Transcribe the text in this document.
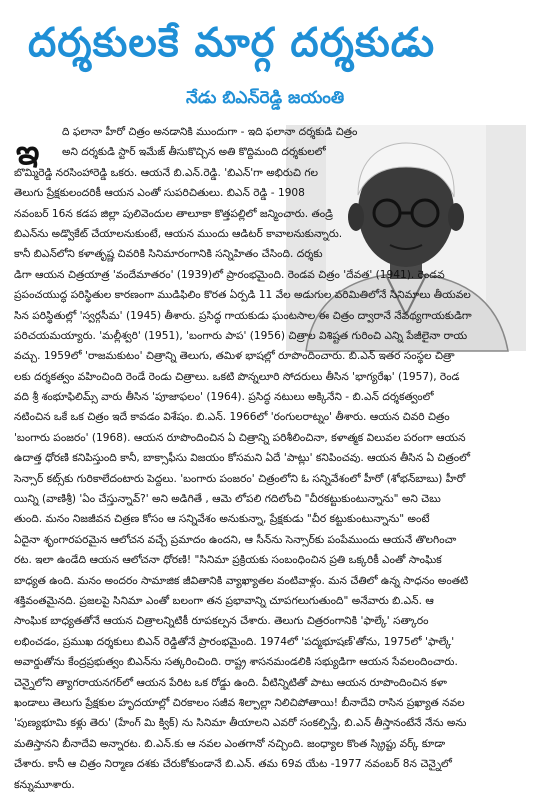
దర్శకులకే మార్గ దర్శకుడు
నేడు బిఎన్‌రెడ్డి జయంతి
ఇ
ది ఫలానా హీరో చిత్రం అనడానికి ముందుగా - ఇది ఫలానా దర్శకుడి చిత్రం
అని దర్శకుడి స్టార్ ఇమేజ్ తీసుకొచ్చిన అతి కొద్దిమంది దర్శకులలో
బొమ్మిరెడ్డి నరసింహారెడ్డి ఒకరు. ఆయనే బి.ఎన్.రెడ్డి. 'బిఎన్'గా అభిరుచి గల
తెలుగు ప్రేక్షకులందరికీ ఆయన ఎంతో సుపరిచితులు. బిఎన్ రెడ్డి - 1908
నవంబర్ 16న కడప జిల్లా పులివెందుల తాలూకా కొత్తపల్లిలో జన్మించారు. తండ్రి
బిఎన్‌ను అడ్వొకేట్ చేయాలనుకుంటే, ఆయన ముందు ఆడిటర్ కావాలనుకున్నారు.
కానీ బిఎన్‌లోని కళాతృష్ణ చివరికి సినిమారంగానికి సన్నిహితం చేసింది. దర్శకు
డిగా ఆయన చిత్రయాత్ర 'వందేమాతరం' (1939)లో ప్రారంభమైంది. రెండవ చిత్రం 'దేవత' (1941). రెండవ
ప్రపంచయుద్ధ పరిస్థితుల కారణంగా ముడిఫిలిం కొరత ఏర్పడి 11 వేల అడుగుల పరిమితిలోనే సినిమాలు తీయవల
సిన పరిస్థితుల్లో 'స్వర్గసీమ' (1945) తీశారు. ప్రసిద్ధ గాయకుడు ఘంటసాల ఈ చిత్రం ద్వారానే నేపథ్యగాయకుడిగా
పరిచయమయ్యారు. 'మల్లీశ్వరి' (1951), 'బంగారు పాప' (1956) చిత్రాల విశిష్టత గురించి ఎన్ని పేజీలైనా రాయ
వచ్చు. 1959లో 'రాజమకుటం' చిత్రాన్ని తెలుగు, తమిళ భాషల్లో రూపొందించారు. బి.ఎన్ ఇతర సంస్థల చిత్రా
లకు దర్శకత్వం వహించింది రెండే రెండు చిత్రాలు. ఒకటి పొన్నలూరి సోదరులు తీసిన 'భాగ్యరేఖ' (1957), రెండ
వది శ్రీ శంభూఫిలిమ్స్ వారు తీసిన 'పూజాఫలం' (1964). ప్రసిద్ధ నటులు అక్కినేని - బి.ఎన్ దర్శకత్వంలో
నటించిన ఒకే ఒక చిత్రం ఇదే కావడం విశేషం. బి.ఎన్. 1966లో 'రంగులరాట్నం' తీశారు. ఆయన చివరి చిత్రం
'బంగారు పంజరం' (1968). ఆయన రూపొందించిన ఏ చిత్రాన్ని పరిశీలించినా, కళాత్మక విలువల పరంగా ఆయన
ఉదాత్త ధోరణి కనిపిస్తుంది కానీ, బాక్సాఫీసు విజయం కోసమని ఏదే 'పాట్లు' కనిపించవు. ఆయన తీసిన ఏ చిత్రంలో
సెన్సార్ కట్స్‌కు గురికాలేదంటారు పెద్దలు. 'బంగారు పంజరం' చిత్రంలోని ఓ సన్నివేశంలో హీరో (శోభన్‌బాబు) హీరో
యిన్ని (వాణిశ్రీ) 'ఏం చేస్తున్నావ్?' అని అడిగితే , ఆమె లోపలి గదిలోంచి "చీరకట్టుకుంటున్నాను" అని చెబు
తుంది. మనం నిజజీవన చిత్రణ కోసం ఆ సన్నివేశం అనుకున్నా, ప్రేక్షకుడు "చీర కట్టుకుంటున్నాను" అంటే
ఏదైనా శృంగారపరమైన ఆలోచన వచ్చే ప్రమాదం ఉందని, ఆ సీన్‌ను సెన్సార్‌కు పంపేముందు ఆయనే తొలగించా
రట. ఇలా ఉండేది ఆయన ఆలోచనా ధోరణి! "సినిమా ప్రక్రియకు సంబంధించిన ప్రతి ఒక్కరికీ ఎంతో సాంఘిక
బాధ్యత ఉంది. మనం అందరం సామాజిక జీవితానికి వ్యాఖ్యాతల వంటివాళ్లం. మన చేతిలో ఉన్న సాధనం అంతటి
శక్తివంతమైనది. ప్రజలపై సినిమా ఎంతో బలంగా తన ప్రభావాన్ని చూపగలుగుతుంది" అనేవారు బి.ఎన్. ఆ
సాంఘిక బాధ్యతతోనే ఆయన చిత్రాలన్నిటికీ రూపకల్పన చేశారు. తెలుగు చిత్రరంగానికి 'ఫాల్కే' సత్కారం
లభించడం, ప్రముఖ దర్శకులు బిఎన్ రెడ్డితోనే ప్రారంభమైంది. 1974లో 'పద్మభూషణ్'తోను, 1975లో 'ఫాల్కే'
అవార్డుతోను కేంద్రప్రభుత్వం బిఎన్‌ను సత్కరించింది. రాష్ట్ర శాసనమండలికి సభ్యుడిగా ఆయన సేవలందించారు.
చెన్నైలోని త్యాగరాయనగర్‌లో ఆయన పేరిట ఒక రోడ్డు ఉంది. వీటిన్నిటితో పాటు ఆయన రూపొందించిన కళా
ఖండాలు తెలుగు ప్రేక్షకుల హృదయాల్లో చిరకాలం సజీవ శిల్పాల్లా నిలిచిపోతాయి! బీనాదేవి రాసిన ప్రఖ్యాత నవల
'పుణ్యభూమి కళ్లు తెరు' (హేంగ్ మి క్విక్) ను సినిమా తీయాలని ఎవరో సంకల్పిస్తే, బి.ఎన్ తీస్తానంటేనే నేను అను
మతిస్తానని బీనాదేవి అన్నారట. బి.ఎన్.కు ఆ నవల ఎంతగానో నచ్చింది. జంధ్యాల కొంత స్క్రిప్టు వర్క్ కూడా
చేశారు. కానీ ఆ చిత్రం నిర్మాణ దశకు చేరుకోకుండానే బి.ఎన్. తమ 69వ యేట -1977 నవంబర్ 8న చెన్నైలో
కన్నుమూశారు.
